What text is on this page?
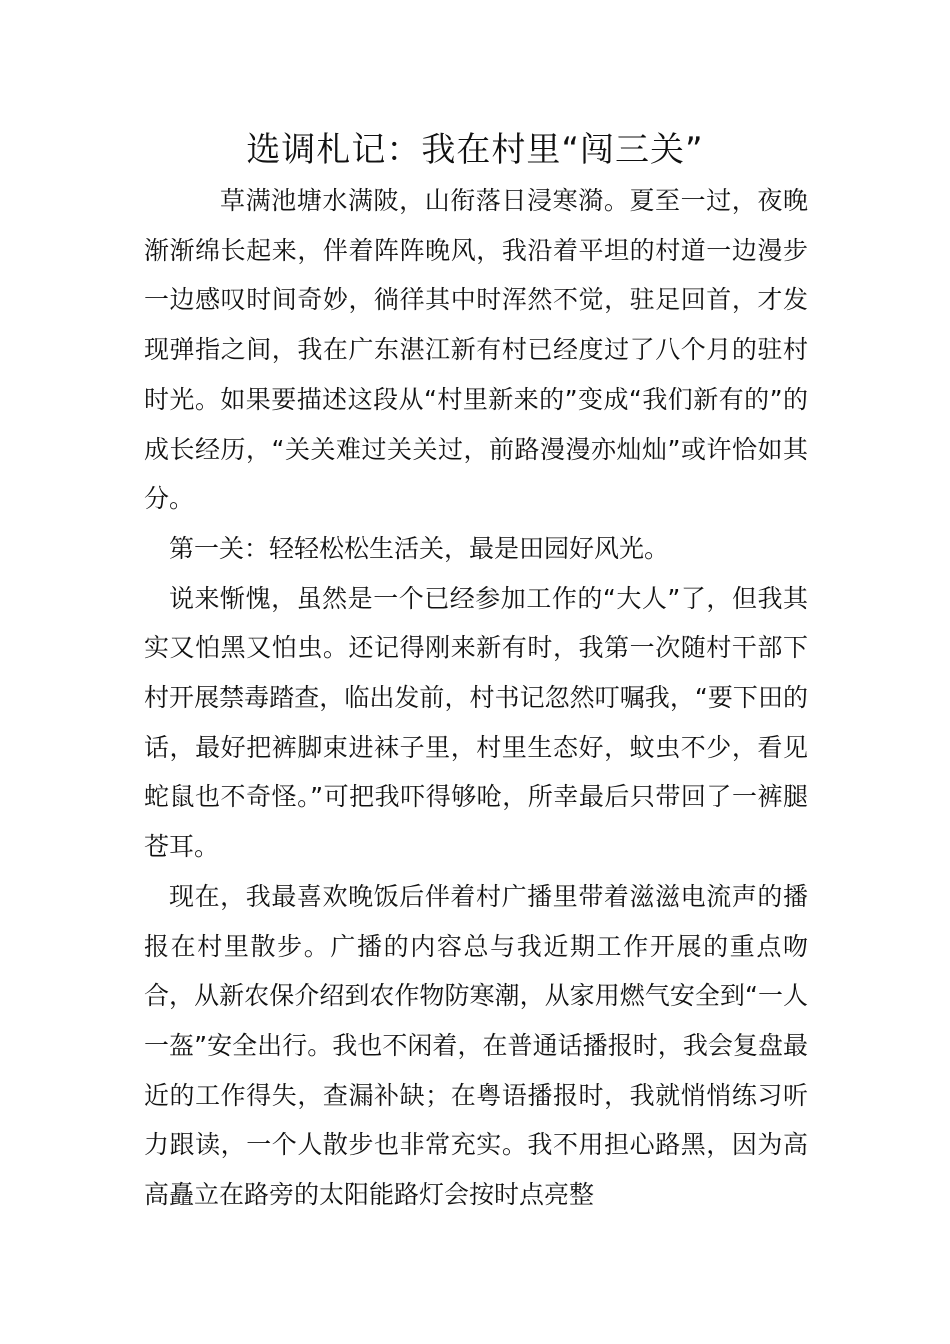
选调札记：我在村里“闯三关”

草满池塘水满陂，山衔落日浸寒漪。夏至一过，夜晚渐渐绵长起来，伴着阵阵晚风，我沿着平坦的村道一边漫步一边感叹时间奇妙，徜徉其中时浑然不觉，驻足回首，才发现弹指之间，我在广东湛江新有村已经度过了八个月的驻村时光。如果要描述这段从“村里新来的”变成“我们新有的”的成长经历，“关关难过关关过，前路漫漫亦灿灿”或许恰如其分。

第一关：轻轻松松生活关，最是田园好风光。

说来惭愧，虽然是一个已经参加工作的“大人”了，但我其实又怕黑又怕虫。还记得刚来新有时，我第一次随村干部下村开展禁毒踏查，临出发前，村书记忽然叮嘱我，“要下田的话，最好把裤脚束进袜子里，村里生态好，蚊虫不少，看见蛇鼠也不奇怪。”可把我吓得够呛，所幸最后只带回了一裤腿苍耳。

现在，我最喜欢晚饭后伴着村广播里带着滋滋电流声的播报在村里散步。广播的内容总与我近期工作开展的重点吻合，从新农保介绍到农作物防寒潮，从家用燃气安全到“一人一盔”安全出行。我也不闲着，在普通话播报时，我会复盘最近的工作得失，查漏补缺；在粤语播报时，我就悄悄练习听力跟读，一个人散步也非常充实。我不用担心路黑，因为高高矗立在路旁的太阳能路灯会按时点亮整
